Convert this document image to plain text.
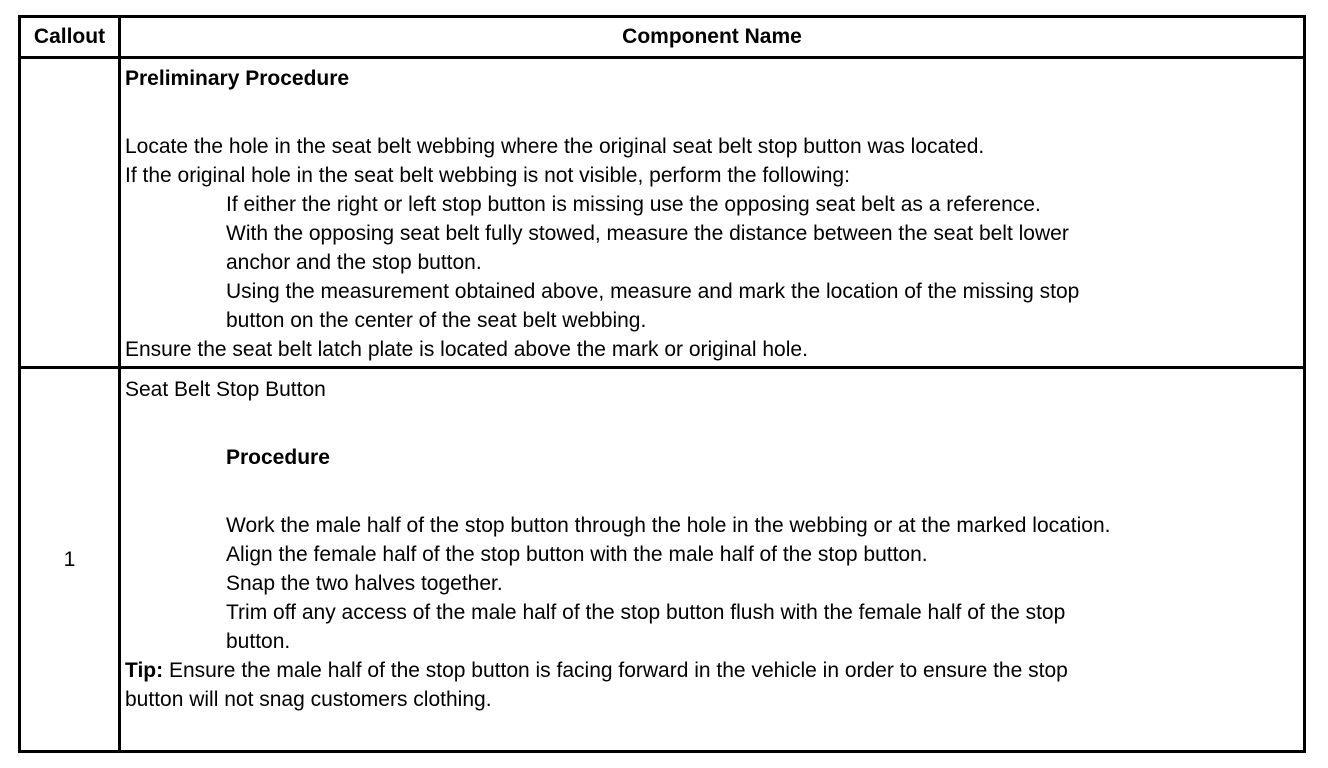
Callout	Component Name
Preliminary Procedure
Locate the hole in the seat belt webbing where the original seat belt stop button was located.
If the original hole in the seat belt webbing is not visible, perform the following:
If either the right or left stop button is missing use the opposing seat belt as a reference.
With the opposing seat belt fully stowed, measure the distance between the seat belt lower
anchor and the stop button.
Using the measurement obtained above, measure and mark the location of the missing stop
button on the center of the seat belt webbing.
Ensure the seat belt latch plate is located above the mark or original hole.
1
Seat Belt Stop Button
Procedure
Work the male half of the stop button through the hole in the webbing or at the marked location.
Align the female half of the stop button with the male half of the stop button.
Snap the two halves together.
Trim off any access of the male half of the stop button flush with the female half of the stop
button.
Tip: Ensure the male half of the stop button is facing forward in the vehicle in order to ensure the stop
button will not snag customers clothing.
